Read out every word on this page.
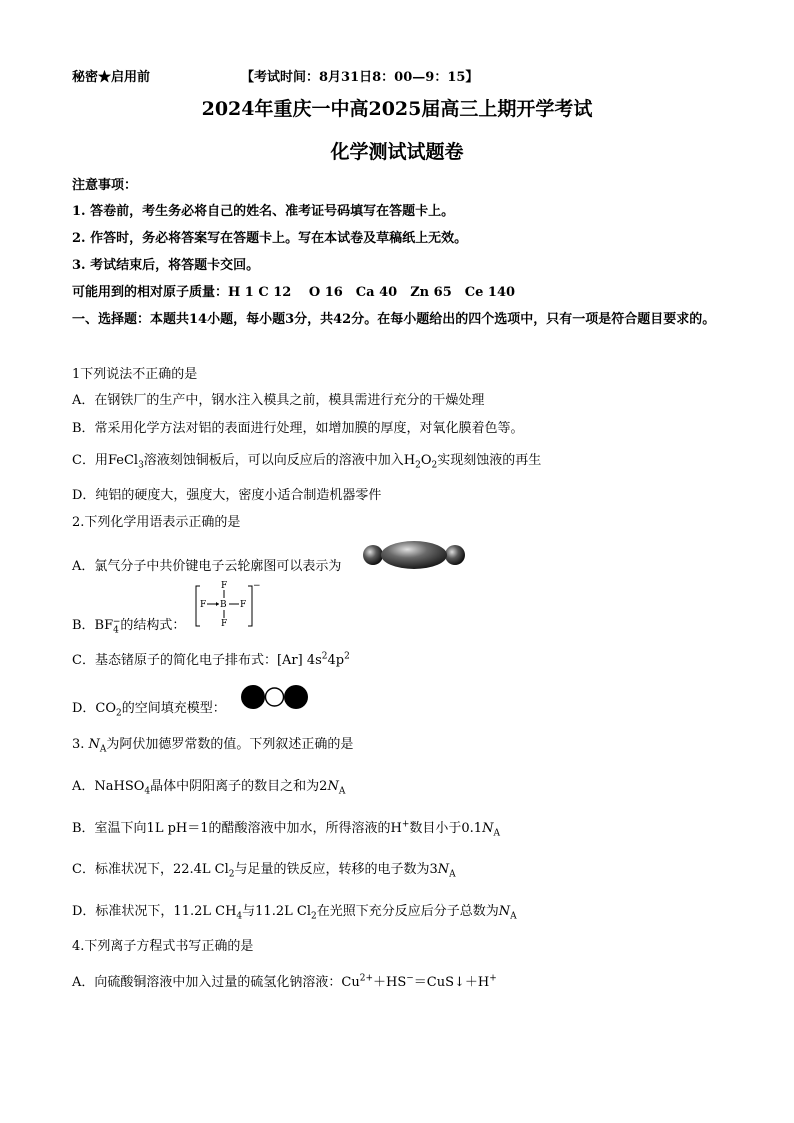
秘密★启用前	【考试时间：8月31日8：00—9：15】
2024年重庆一中高2025届高三上期开学考试
化学测试试题卷
注意事项：
1. 答卷前，考生务必将自己的姓名、准考证号码填写在答题卡上。
2. 作答时，务必将答案写在答题卡上。写在本试卷及草稿纸上无效。
3. 考试结束后，将答题卡交回。
可能用到的相对原子质量：H 1 C 12　 O 16　Ca 40　Zn 65　Ce 140
一、选择题：本题共14小题，每小题3分，共42分。在每小题给出的四个选项中，只有一项是符合题目要求的。
1下列说法不正确的是
A．在钢铁厂的生产中，钢水注入模具之前，模具需进行充分的干燥处理
B．常采用化学方法对铝的表面进行处理，如增加膜的厚度，对氧化膜着色等。
C．用FeCl$_3$溶液刻蚀铜板后，可以向反应后的溶液中加入$H_2O_2$实现刻蚀液的再生
D．纯铝的硬度大，强度大，密度小适合制造机器零件
2.下列化学用语表示正确的是
A．氯气分子中共价键电子云轮廓图可以表示为
B．$BF_4^-$的结构式：
F
F B F
F
−
C．基态锗原子的简化电子排布式：[Ar] $4s^24p^2$
D．$CO_2$的空间填充模型：
3. $N_A$为阿伏加德罗常数的值。下列叙述正确的是
A．NaHSO$_4$晶体中阴阳离子的数目之和为$2N_A$
B．室温下向1L pH＝1的醋酸溶液中加水，所得溶液的H+数目小于$0.1N_A$
C．标准状况下，22.4L $Cl_2$与足量的铁反应，转移的电子数为$3N_A$
D．标准状况下，11.2L $CH_4$与11.2L $Cl_2$在光照下充分反应后分子总数为$N_A$
4.下列离子方程式书写正确的是
A．向硫酸铜溶液中加入过量的硫氢化钠溶液：$Cu^{2+}+HS^-=CuS↓+H^+$
